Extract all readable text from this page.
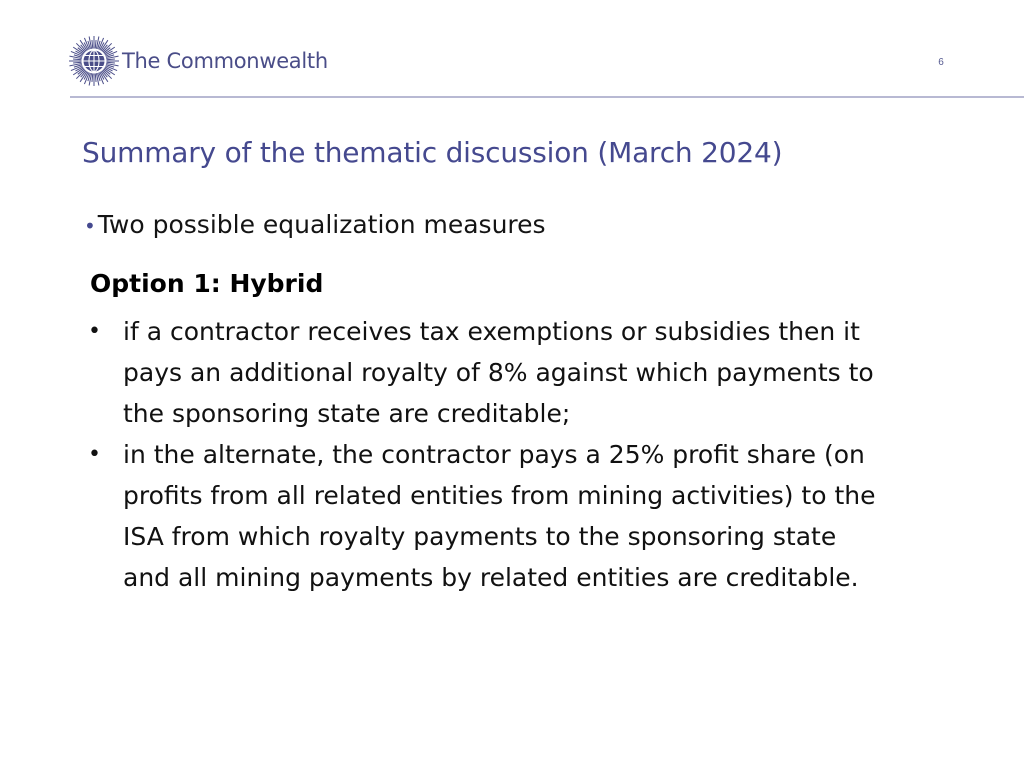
The Commonwealth	6
Summary of the thematic discussion (March 2024)
• Two possible equalization measures
Option 1: Hybrid
• if a contractor receives tax exemptions or subsidies then it pays an additional royalty of 8% against which payments to the sponsoring state are creditable;
• in the alternate, the contractor pays a 25% profit share (on profits from all related entities from mining activities) to the ISA from which royalty payments to the sponsoring state and all mining payments by related entities are creditable.
